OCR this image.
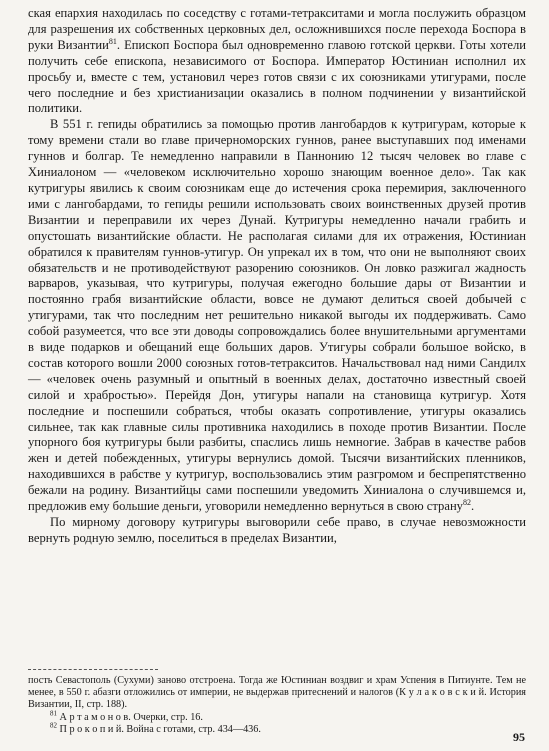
ская епархия находилась по соседству с готами-тетракситами и могла послужить образцом для разрешения их собственных церковных дел, осложнившихся после перехода Боспора в руки Византии$^{81}$. Епископ Боспора был одновременно главою готской церкви. Готы хотели получить себе епископа, независимого от Боспора. Император Юстиниан исполнил их просьбу и, вместе с тем, установил через готов связи с их союзниками утигурами, после чего последние и без христианизации оказались в полном подчинении у византийской политики.

В 551 г. гепиды обратились за помощью против лангобардов к кутригурам, которые к тому времени стали во главе причерноморских гуннов, ранее выступавших под именами гуннов и болгар. Те немедленно направили в Паннонию 12 тысяч человек во главе с Хиниалоном — «человеком исключительно хорошо знающим военное дело». Так как кутригуры явились к своим союзникам еще до истечения срока перемирия, заключенного ими с лангобардами, то гепиды решили использовать своих воинственных друзей против Византии и переправили их через Дунай. Кутригуры немедленно начали грабить и опустошать византийские области. Не располагая силами для их отражения, Юстиниан обратился к правителям гуннов-утигур. Он упрекал их в том, что они не выполняют своих обязательств и не противодействуют разорению союзников. Он ловко разжигал жадность варваров, указывая, что кутригуры, получая ежегодно большие дары от Византии и постоянно грабя византийские области, вовсе не думают делиться своей добычей с утигурами, так что последним нет решительно никакой выгоды их поддерживать. Само собой разумеется, что все эти доводы сопровождались более внушительными аргументами в виде подарков и обещаний еще больших даров. Утигуры собрали большое войско, в состав которого вошли 2000 союзных готов-тетракситов. Начальствовал над ними Сандилх — «человек очень разумный и опытный в военных делах, достаточно известный своей силой и храбростью». Перейдя Дон, утигуры напали на становища кутригур. Хотя последние и поспешили собраться, чтобы оказать сопротивление, утигуры оказались сильнее, так как главные силы противника находились в походе против Византии. После упорного боя кутригуры были разбиты, спаслись лишь немногие. Забрав в качестве рабов жен и детей побежденных, утигуры вернулись домой. Тысячи византийских пленников, находившихся в рабстве у кутригур, воспользовались этим разгромом и беспрепятственно бежали на родину. Византийцы сами поспешили уведомить Хиниалона о случившемся и, предложив ему большие деньги, уговорили немедленно вернуться в свою страну$^{82}$.

По мирному договору кутригуры выговорили себе право, в случае невозможности вернуть родную землю, поселиться в пределах Византии,

пость Севастополь (Сухуми) заново отстроена. Тогда же Юстиниан воздвиг и храм Успения в Питиунте. Тем не менее, в 550 г. абазги отложились от империи, не выдержав притеснений и налогов (К у л а к о в с к и й. История Византии, II, стр. 188).

$^{81}$ А р т а м о н о в. Очерки, стр. 16.

$^{82}$ П р о к о п и й. Война с готами, стр. 434—436.

95
